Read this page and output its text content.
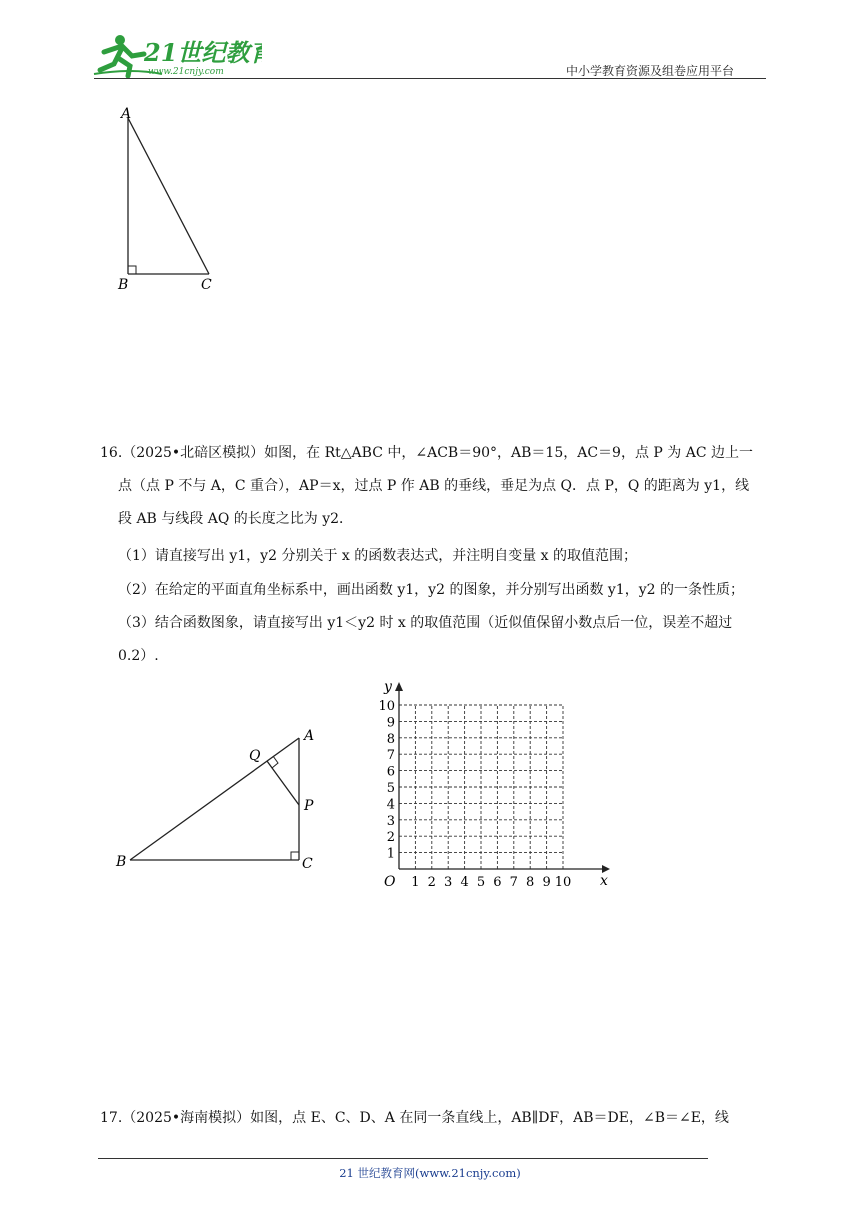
21世纪教育
www.21cnjy.com	中小学教育资源及组卷应用平台
A
B	C
16.（2025•北碚区模拟）如图，在 Rt△ABC 中，∠ACB＝90°，AB＝15，AC＝9，点 P 为 AC 边上一
点（点 P 不与 A，C 重合），AP＝x，过点 P 作 AB 的垂线，垂足为点 Q．点 P，Q 的距离为 y1，线
段 AB 与线段 AQ 的长度之比为 y2．
（1）请直接写出 y1，y2 分别关于 x 的函数表达式，并注明自变量 x 的取值范围；
（2）在给定的平面直角坐标系中，画出函数 y1，y2 的图象，并分别写出函数 y1，y2 的一条性质；
（3）结合函数图象，请直接写出 y1＜y2 时 x 的取值范围（近似值保留小数点后一位，误差不超过
0.2）.
A
B	C
P
Q
x
y
O 1 2 3 4 5 6 7 8 9 10
1
2
3
4
5
6
7
8
9
10
17.（2025•海南模拟）如图，点 E、C、D、A 在同一条直线上，AB∥DF，AB＝DE，∠B＝∠E，线
21 世纪教育网(www.21cnjy.com)
